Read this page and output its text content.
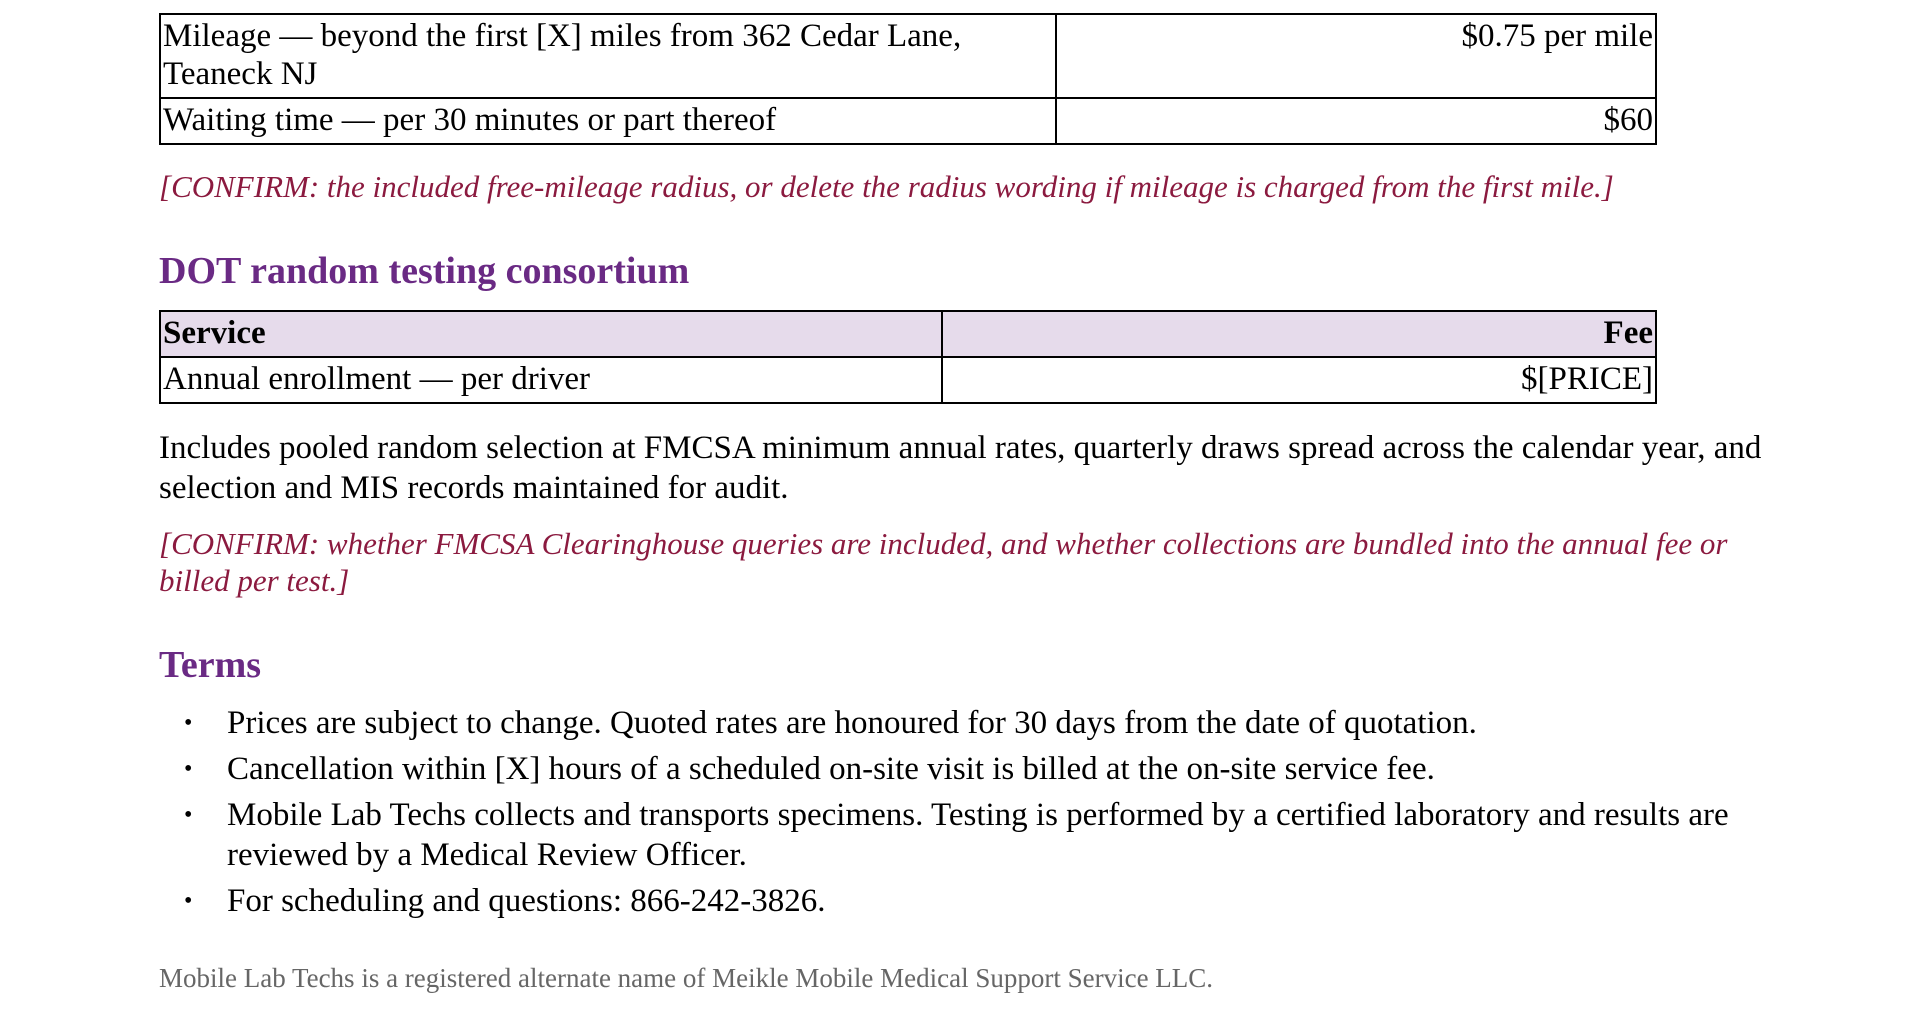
Mileage — beyond the first [X] miles from 362 Cedar Lane, Teaneck NJ	$0.75 per mile
Waiting time — per 30 minutes or part thereof	$60

[CONFIRM: the included free-mileage radius, or delete the radius wording if mileage is charged from the first mile.]

DOT random testing consortium
Service	Fee
Annual enrollment — per driver	$[PRICE]

Includes pooled random selection at FMCSA minimum annual rates, quarterly draws spread across the calendar year, and selection and MIS records maintained for audit.

[CONFIRM: whether FMCSA Clearinghouse queries are included, and whether collections are bundled into the annual fee or billed per test.]

Terms
• Prices are subject to change. Quoted rates are honoured for 30 days from the date of quotation.
• Cancellation within [X] hours of a scheduled on-site visit is billed at the on-site service fee.
• Mobile Lab Techs collects and transports specimens. Testing is performed by a certified laboratory and results are reviewed by a Medical Review Officer.
• For scheduling and questions: 866-242-3826.

Mobile Lab Techs is a registered alternate name of Meikle Mobile Medical Support Service LLC.
